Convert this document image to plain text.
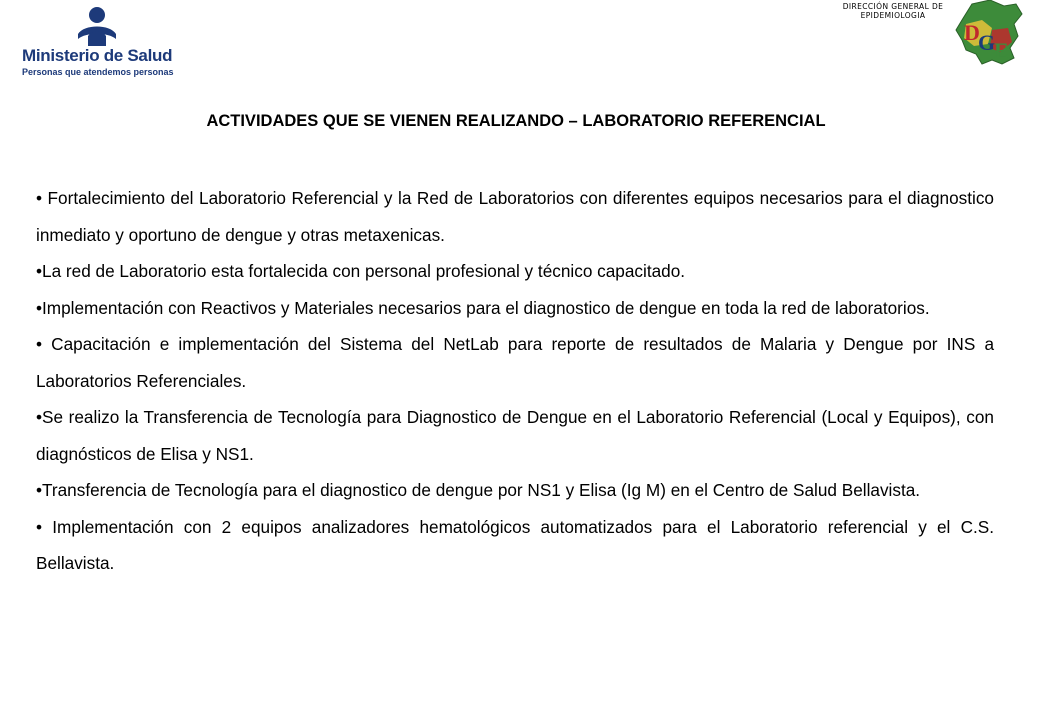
Ministerio de Salud
Personas que atendemos personas
DIRECCIÓN GENERAL DE
EPIDEMIOLOGIA
D
G
E
ACTIVIDADES QUE SE VIENEN REALIZANDO – LABORATORIO REFERENCIAL

• Fortalecimiento del Laboratorio Referencial y la Red de Laboratorios con diferentes equipos necesarios para el diagnostico inmediato y oportuno de dengue y otras metaxenicas.

•La red de Laboratorio esta fortalecida con personal profesional y técnico capacitado.

•Implementación con Reactivos y Materiales necesarios para el diagnostico de dengue en toda la red de laboratorios.

• Capacitación e implementación del Sistema del NetLab para reporte de resultados de Malaria y Dengue por INS a Laboratorios Referenciales.

•Se realizo la Transferencia de Tecnología para Diagnostico de Dengue en el Laboratorio Referencial (Local y Equipos), con diagnósticos de Elisa y NS1.

•Transferencia de Tecnología para el diagnostico de dengue por NS1 y Elisa (Ig M) en el Centro de Salud Bellavista.

• Implementación con 2 equipos analizadores hematológicos automatizados para el Laboratorio referencial y el C.S. Bellavista.
